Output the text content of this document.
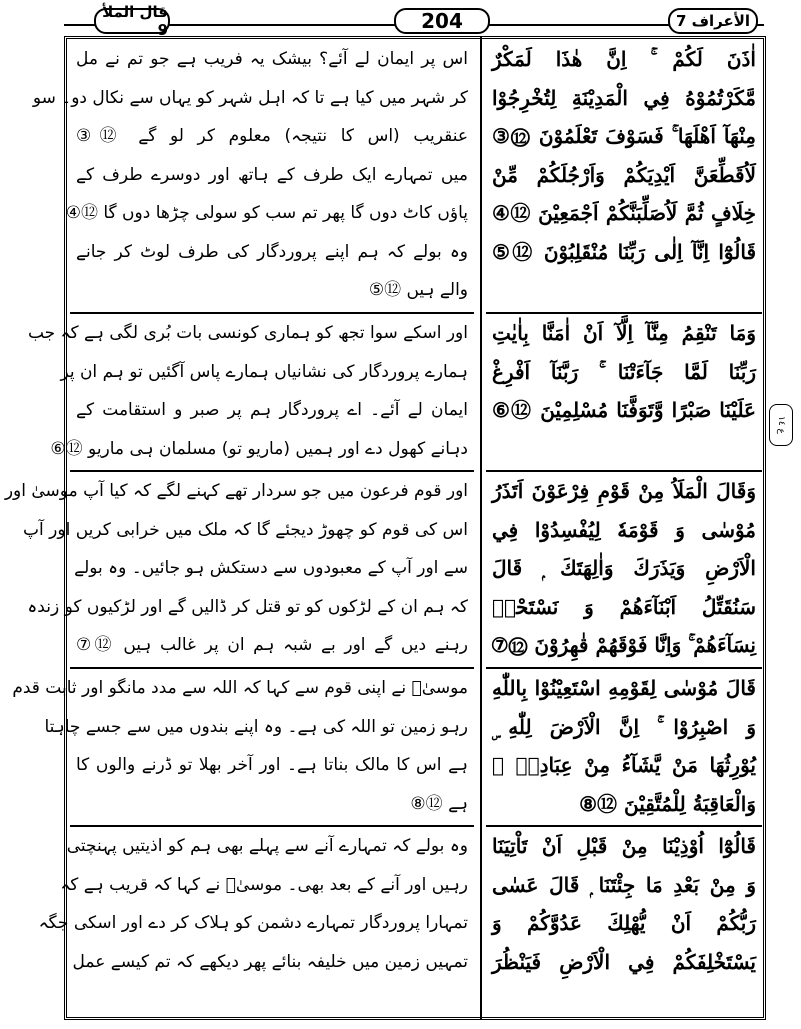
قال الملأ 9	204	الأعراف 7
اس پر ایمان لے آئے؟ بیشک یہ فریب ہے جو تم نے مل
کر شہر میں کیا ہے تا کہ اہل شہر کو یہاں سے نکال دو۔ سو
عنقریب (اس کا نتیجہ) معلوم کر لو گے ⑫③
میں تمہارے ایک طرف کے ہاتھ اور دوسرے طرف کے
پاؤں کاٹ دوں گا پھر تم سب کو سولی چڑھا دوں گا ⑫④
وہ بولے کہ ہم اپنے پروردگار کی طرف لوٹ کر جانے
والے ہیں ⑫⑤
اور اسکے سوا تجھ کو ہماری کونسی بات بُری لگی ہے کہ جب
ہمارے پروردگار کی نشانیاں ہمارے پاس آگئیں تو ہم ان پر
ایمان لے آئے۔ اے پروردگار ہم پر صبر و استقامت کے
دہانے کھول دے اور ہمیں (ماریو تو) مسلمان ہی ماریو ⑫⑥
اور قوم فرعون میں جو سردار تھے کہنے لگے کہ کیا آپ موسیٰ اور
اس کی قوم کو چھوڑ دیجئے گا کہ ملک میں خرابی کریں اور آپ
سے اور آپ کے معبودوں سے دستکش ہو جائیں۔ وہ بولے
کہ ہم ان کے لڑکوں کو تو قتل کر ڈالیں گے اور لڑکیوں کو زندہ
رہنے دیں گے اور بے شبہ ہم ان پر غالب ہیں ⑫⑦
موسیٰؑ نے اپنی قوم سے کہا کہ اللہ سے مدد مانگو اور ثابت قدم
رہو زمین تو اللہ کی ہے۔ وہ اپنے بندوں میں سے جسے چاہتا
ہے اس کا مالک بناتا ہے۔ اور آخر بھلا تو ڈرنے والوں کا
ہے ⑫⑧
وہ بولے کہ تمہارے آنے سے پہلے بھی ہم کو اذیتیں پہنچتی
رہیں اور آنے کے بعد بھی۔ موسیٰؑ نے کہا کہ قریب ہے کہ
تمہارا پروردگار تمہارے دشمن کو ہلاک کر دے اور اسکی جگہ
تمہیں زمین میں خلیفہ بنائے پھر دیکھے کہ تم کیسے عمل
اٰذَنَ لَكُمْ ۚ اِنَّ هٰذَا لَمَكْرٌ
مَّكَرْتُمُوْهُ فِي الْمَدِيْنَةِ لِتُخْرِجُوْا
مِنْهَآ اَهْلَهَا ۚ فَسَوْفَ تَعْلَمُوْنَ ⑫③
لَاُقَطِّعَنَّ اَيْدِيَكُمْ وَاَرْجُلَكُمْ مِّنْ
خِلَافٍ ثُمَّ لَاُصَلِّبَنَّكُمْ اَجْمَعِيْنَ ⑫④
قَالُوْٓا اِنَّآ اِلٰى رَبِّنَا مُنْقَلِبُوْنَ ⑫⑤
وَمَا تَنْقِمُ مِنَّآ اِلَّآ اَنْ اٰمَنَّا بِاٰيٰتِ
رَبِّنَا لَمَّا جَآءَتْنَا ۚ رَبَّنَآ اَفْرِغْ
عَلَيْنَا صَبْرًا وَّتَوَفَّنَا مُسْلِمِيْنَ ⑫⑥
وَقَالَ الْمَلَاُ مِنْ قَوْمِ فِرْعَوْنَ اَتَذَرُ
مُوْسٰى وَ قَوْمَهٗ لِيُفْسِدُوْا فِي
الْاَرْضِ وَيَذَرَكَ وَاٰلِهَتَكَ ۭ قَالَ
سَنُقَتِّلُ اَبْنَآءَهُمْ وَ نَسْتَحْيٖ
نِسَآءَهُمْ ۚ وَاِنَّا فَوْقَهُمْ قٰهِرُوْنَ ⑫⑦
قَالَ مُوْسٰى لِقَوْمِهِ اسْتَعِيْنُوْا بِاللّٰهِ
وَ اصْبِرُوْا ۚ اِنَّ الْاَرْضَ لِلّٰهِ ۣ
يُوْرِثُهَا مَنْ يَّشَآءُ مِنْ عِبَادِهٖ ۭ
وَالْعَاقِبَةُ لِلْمُتَّقِيْنَ ⑫⑧
قَالُوْٓا اُوْذِيْنَا مِنْ قَبْلِ اَنْ تَاْتِيَنَا
وَ مِنْ بَعْدِ مَا جِئْتَنَا ۭ قَالَ عَسٰى
رَبُّكُمْ اَنْ يُّهْلِكَ عَدُوَّكُمْ وَ
يَسْتَخْلِفَكُمْ فِي الْاَرْضِ فَيَنْظُرَ
ع ١٤
